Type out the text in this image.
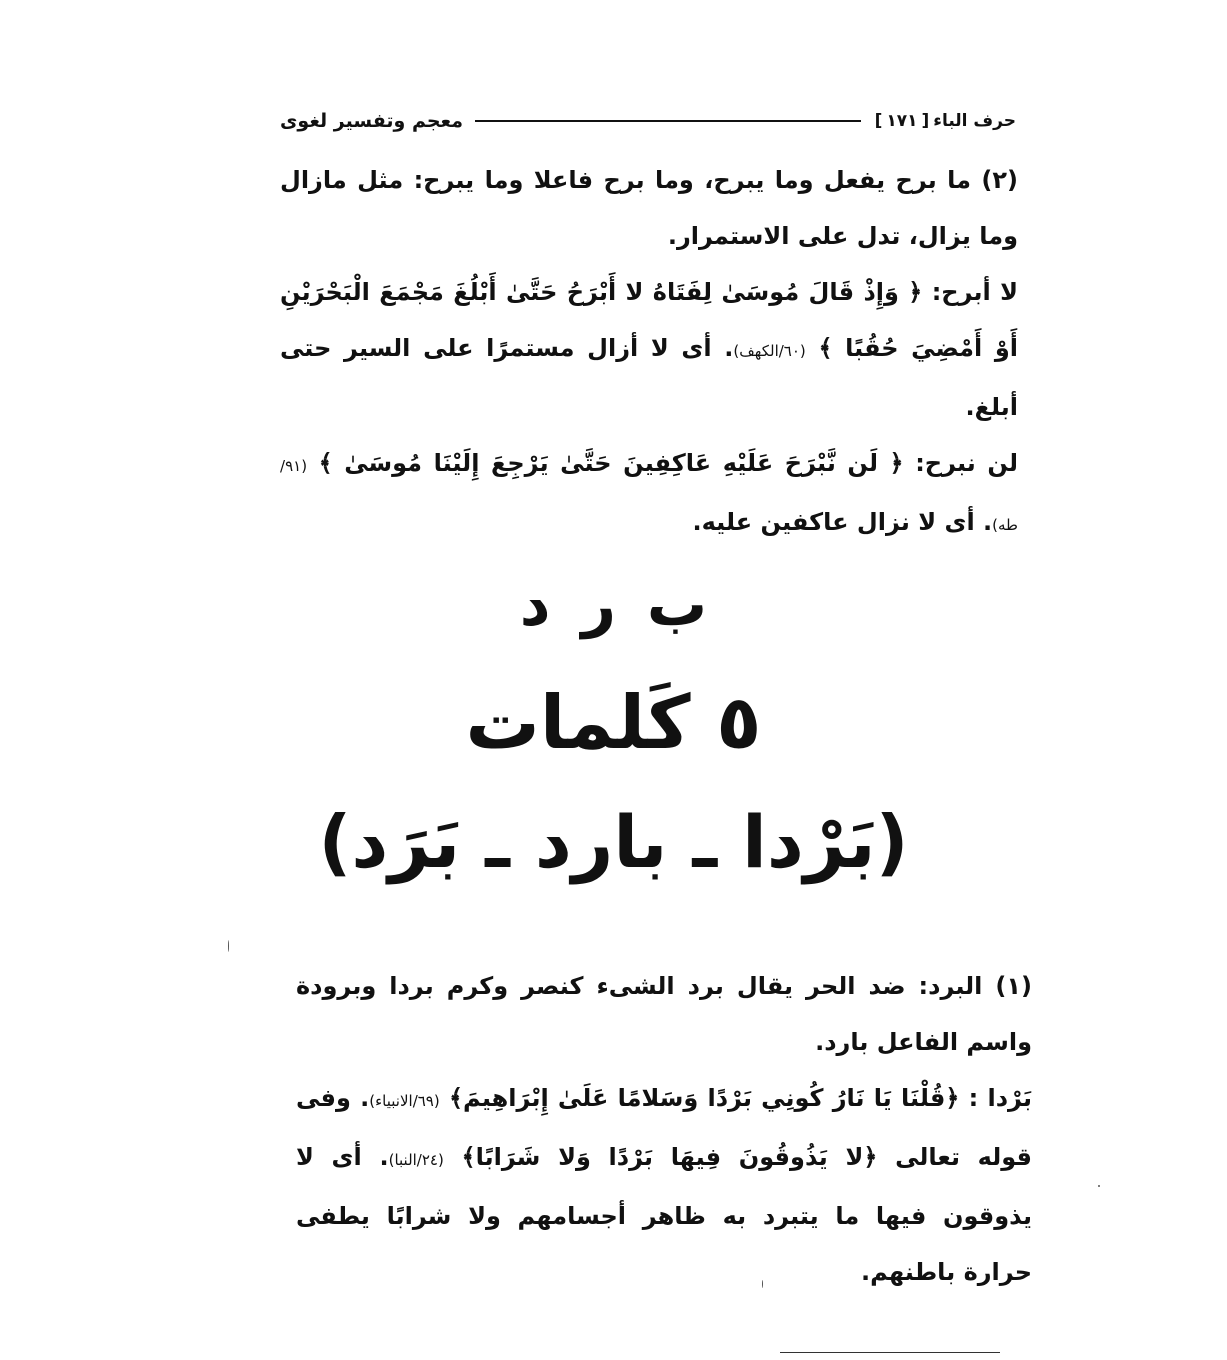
معجم وتفسير لغوى	حرف الباء[١٧١]

(٢) ما برح يفعل وما يبرح، وما برح فاعلا وما يبرح: مثل مازال وما يزال، تدل على الاستمرار.

لا أبرح: ﴿ وَإِذْ قَالَ مُوسَىٰ لِفَتَاهُ لا أَبْرَحُ حَتَّىٰ أَبْلُغَ مَجْمَعَ الْبَحْرَيْنِ أَوْ أَمْضِيَ حُقُبًا ﴾ (٦٠/الكهف). أى لا أزال مستمرًا على السير حتى أبلغ.

لن نبرح: ﴿ لَن نَّبْرَحَ عَلَيْهِ عَاكِفِينَ حَتَّىٰ يَرْجِعَ إِلَيْنَا مُوسَىٰ ﴾ (٩١/ طه). أى لا نزال عاكفين عليه.

ب ر د
٥ كَلمات
(بَرْدا ـ بارد ـ بَرَد)

(١) البرد: ضد الحر يقال برد الشىء كنصر وكرم بردا وبرودة واسم الفاعل بارد.

بَرْدا : ﴿قُلْنَا يَا نَارُ كُونِي بَرْدًا وَسَلامًا عَلَىٰ إِبْرَاهِيمَ﴾ (٦٩/الانبياء). وفى قوله تعالى ﴿لا يَذُوقُونَ فِيهَا بَرْدًا وَلا شَرَابًا﴾ (٢٤/النبا). أى لا يذوقون فيها ما يتبرد به ظاهر أجسامهم ولا شرابًا يطفى حرارة باطنهم.
